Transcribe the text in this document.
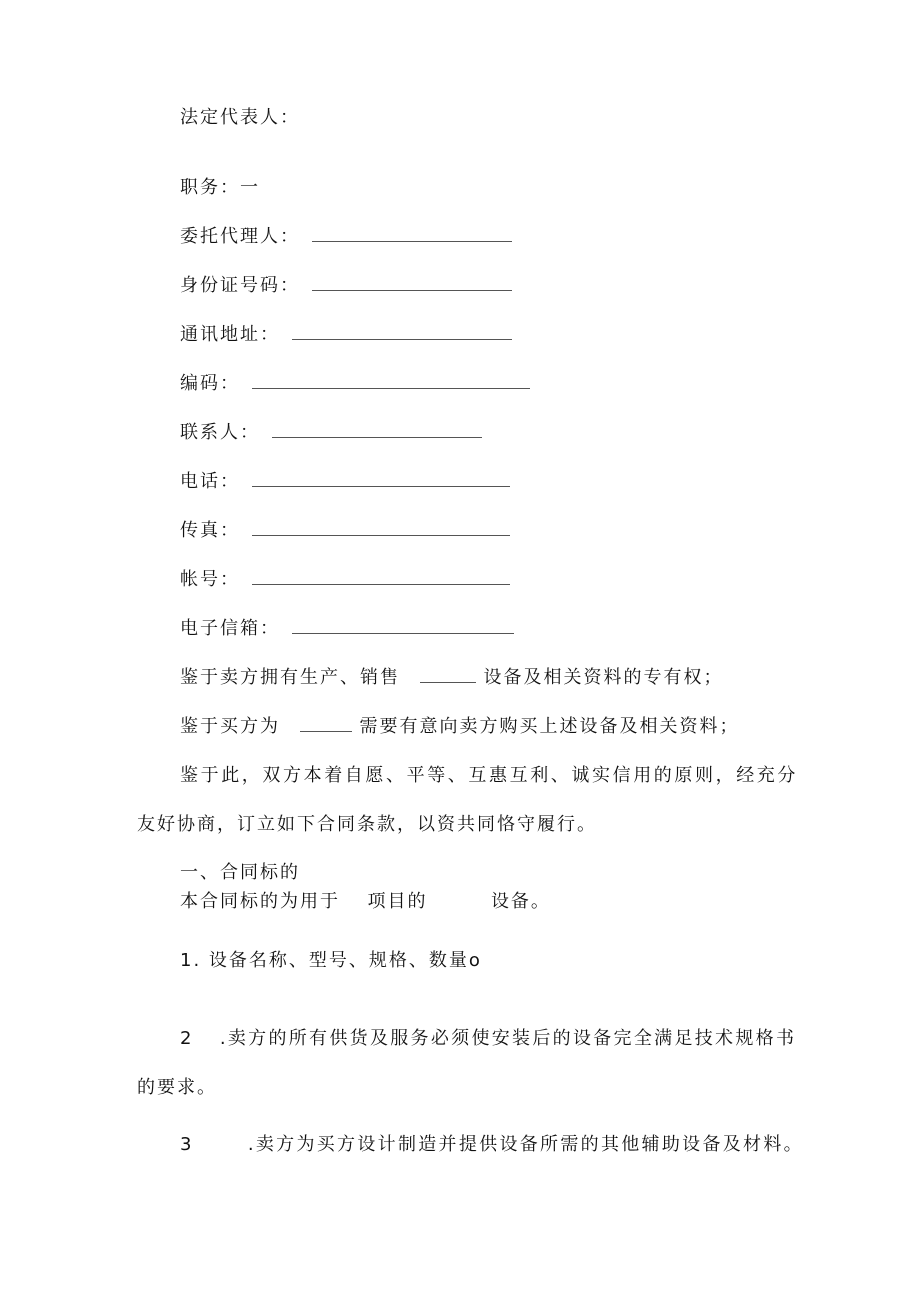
法定代表人：
职务：一
委托代理人：
身份证号码：
通讯地址：
编码：
联系人：
电话：
传真：
帐号：
电子信箱：
鉴于卖方拥有生产、销售	设备及相关资料的专有权；
鉴于买方为	需要有意向卖方购买上述设备及相关资料；
鉴于此，双方本着自愿、平等、互惠互利、诚实信用的原则，经充分
友好协商，订立如下合同条款，以资共同恪守履行。
一、合同标的
本合同标的为用于 项目的	设备。
1. 设备名称、型号、规格、数量o
2 .卖方的所有供货及服务必须使安装后的设备完全满足技术规格书
的要求。
3	.卖方为买方设计制造并提供设备所需的其他辅助设备及材料。
